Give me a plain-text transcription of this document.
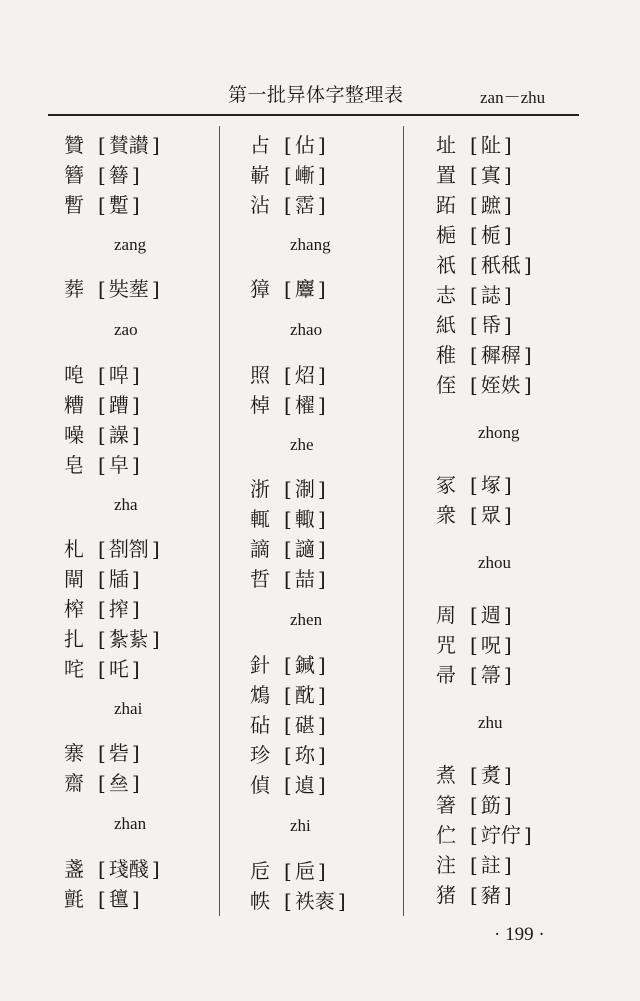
第一批异体字整理表	zan－zhu
贊	[ 賛讃 ]
簪	[ 簮 ]
暫	[ 蹔 ]
zang
葬	[ 奘塟 ]
zao
唣	[ 唕 ]
糟	[ 蹧 ]
噪	[ 譟 ]
皂	[ 皁 ]
zha
札	[ 剳劄 ]
閘	[ 牐 ]
榨	[ 搾 ]
扎	[ 紮紥 ]
咤	[ 吒 ]
zhai
寨	[ 砦 ]
齋	[ 亝 ]
zhan
盞	[ 琖醆 ]
氈	[ 氊 ]
占	[ 佔 ]
嶄	[ 嶃 ]
沾	[ 霑 ]
zhang
獐	[ 麞 ]
zhao
照	[ 炤 ]
棹	[ 櫂 ]
zhe
浙	[ 淛 ]
輒	[ 輙 ]
謫	[ 讁 ]
哲	[ 喆 ]
zhen
針	[ 鍼 ]
鴆	[ 酖 ]
砧	[ 碪 ]
珍	[ 珎 ]
偵	[ 遉 ]
zhi
卮	[ 巵 ]
帙	[ 袟袠 ]
址	[ 阯 ]
置	[ 寘 ]
跖	[ 蹠 ]
梔	[ 栀 ]
祇	[ 秖秪 ]
志	[ 誌 ]
紙	[ 帋 ]
稚	[ 穉稺 ]
侄	[ 姪妷 ]
zhong
冢	[ 塚 ]
衆	[ 眾 ]
zhou
周	[ 週 ]
咒	[ 呪 ]
帚	[ 箒 ]
zhu
煮	[ 煑 ]
箸	[ 筯 ]
伫	[ 竚佇 ]
注	[ 註 ]
猪	[ 豬 ]
· 199 ·
